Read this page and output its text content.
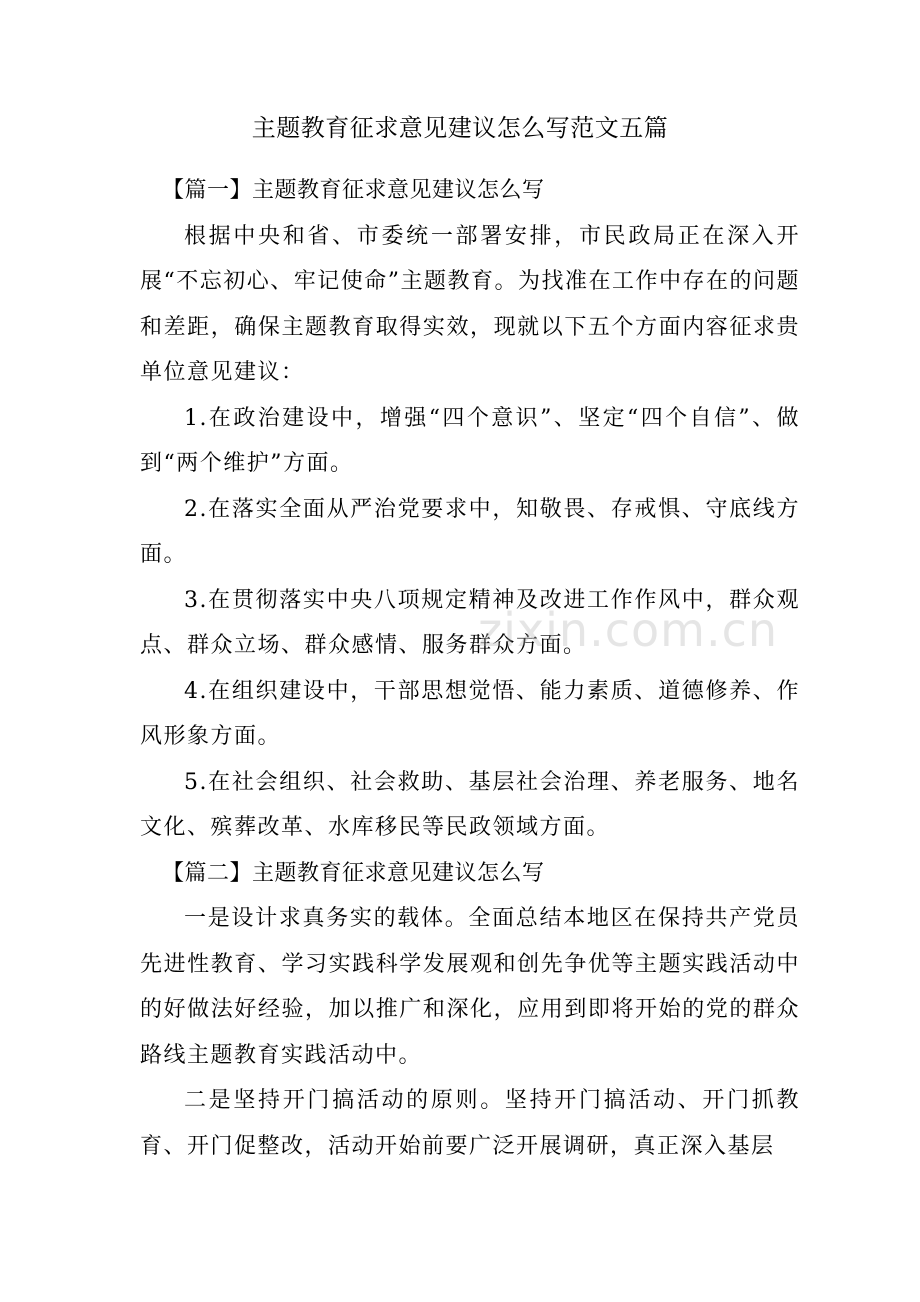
主题教育征求意见建议怎么写范文五篇

【篇一】主题教育征求意见建议怎么写

根据中央和省、市委统一部署安排，市民政局正在深入开展“不忘初心、牢记使命”主题教育。为找准在工作中存在的问题和差距，确保主题教育取得实效，现就以下五个方面内容征求贵单位意见建议：

1.在政治建设中，增强“四个意识”、坚定“四个自信”、做到“两个维护”方面。

2.在落实全面从严治党要求中，知敬畏、存戒惧、守底线方面。

3.在贯彻落实中央八项规定精神及改进工作作风中，群众观点、群众立场、群众感情、服务群众方面。

4.在组织建设中，干部思想觉悟、能力素质、道德修养、作风形象方面。

5.在社会组织、社会救助、基层社会治理、养老服务、地名文化、殡葬改革、水库移民等民政领域方面。

【篇二】主题教育征求意见建议怎么写

一是设计求真务实的载体。全面总结本地区在保持共产党员先进性教育、学习实践科学发展观和创先争优等主题实践活动中的好做法好经验，加以推广和深化，应用到即将开始的党的群众路线主题教育实践活动中。

二是坚持开门搞活动的原则。坚持开门搞活动、开门抓教育、开门促整改，活动开始前要广泛开展调研，真正深入基层

zixin.com.cn
